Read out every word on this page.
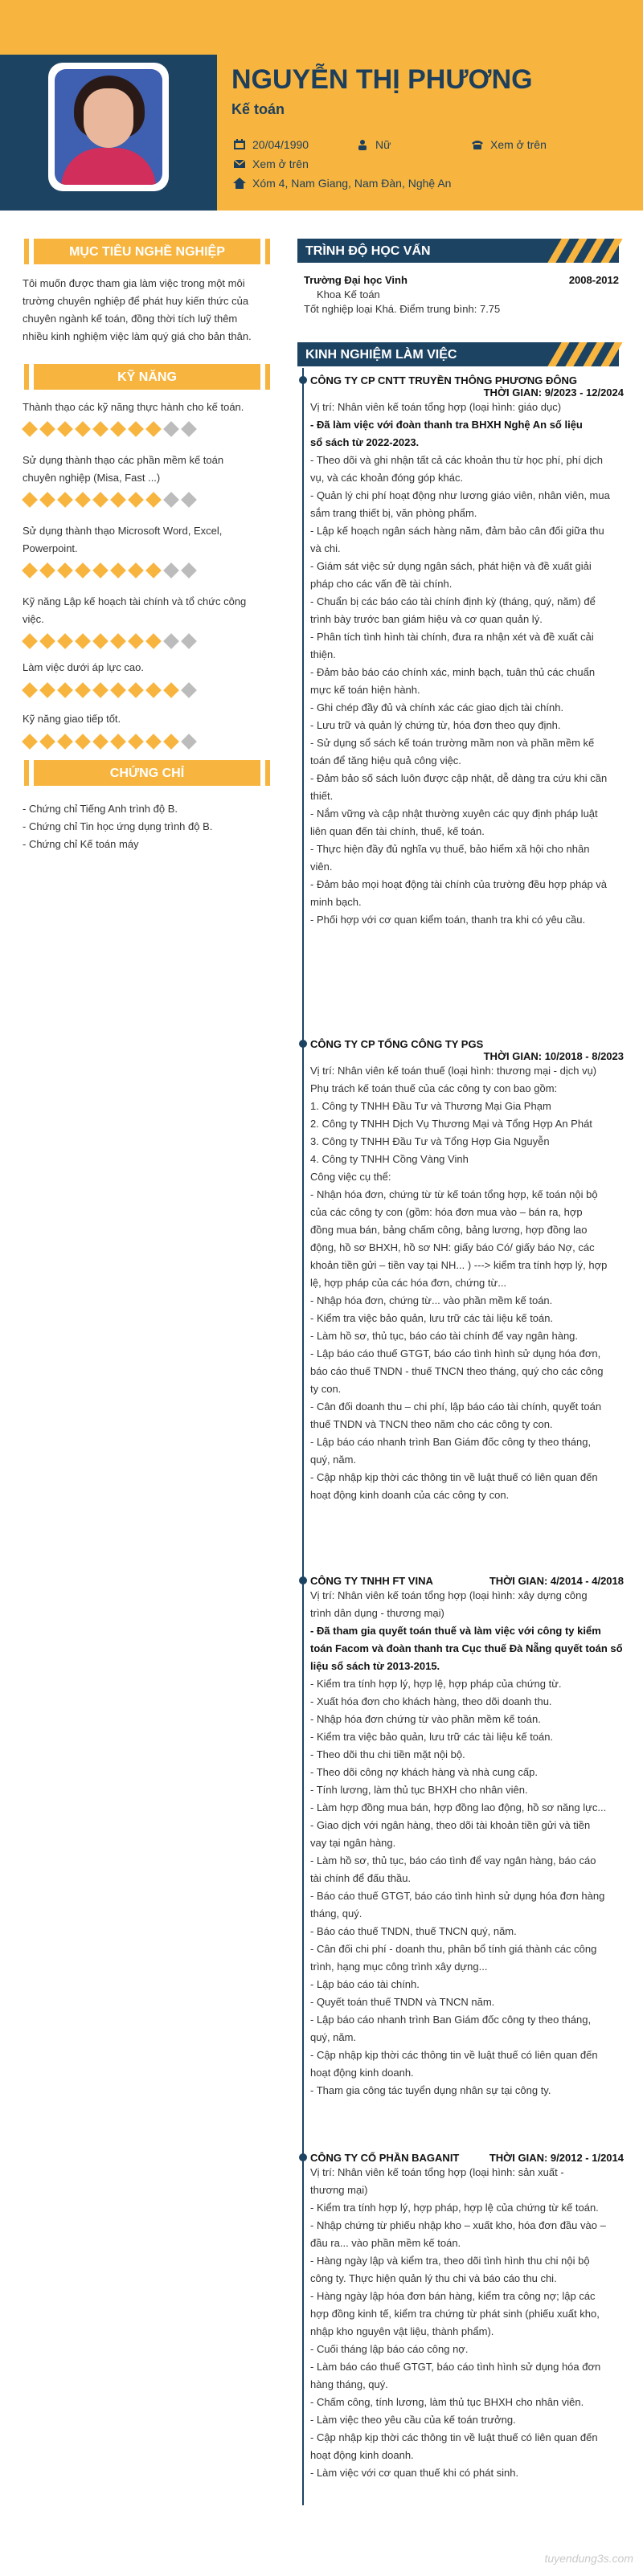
NGUYỄN THỊ PHƯƠNG
Kế toán
20/04/1990	Nữ	Xem ở trên
Xem ở trên
Xóm 4, Nam Giang, Nam Đàn, Nghệ An
MỤC TIÊU NGHỀ NGHIỆP
Tôi muốn được tham gia làm việc trong một môi
trường chuyên nghiệp để phát huy kiến thức của
chuyên ngành kế toán, đồng thời tích luỹ thêm
nhiều kinh nghiệm việc làm quý giá cho bản thân.
KỸ NĂNG
Thành thạo các kỹ năng thực hành cho kế toán.
Sử dụng thành thạo các phần mềm kế toán
chuyên nghiệp (Misa, Fast ...)
Sử dụng thành thạo Microsoft Word, Excel,
Powerpoint.
Kỹ năng Lập kế hoạch tài chính và tổ chức công
việc.
Làm việc dưới áp lực cao.
Kỹ năng giao tiếp tốt.
CHỨNG CHỈ
- Chứng chỉ Tiếng Anh trình độ B.
- Chứng chỉ Tin học ứng dụng trình độ B.
- Chứng chỉ Kế toán máy
TRÌNH ĐỘ HỌC VẤN
Trường Đại học Vinh	2008-2012
Khoa Kế toán
Tốt nghiệp loại Khá. Điểm trung bình: 7.75
KINH NGHIỆM LÀM VIỆC
CÔNG TY CP CNTT TRUYỀN THÔNG PHƯƠNG ĐÔNG
THỜI GIAN: 9/2023 - 12/2024
Vị trí: Nhân viên kế toán tổng hợp (loại hình: giáo dục)
- Đã làm việc với đoàn thanh tra BHXH Nghệ An số liệu
sổ sách từ 2022-2023.
- Theo dõi và ghi nhận tất cả các khoản thu từ học phí, phí dịch
vụ, và các khoản đóng góp khác.
- Quản lý chi phí hoạt động như lương giáo viên, nhân viên, mua
sắm trang thiết bị, văn phòng phẩm.
- Lập kế hoạch ngân sách hàng năm, đảm bảo cân đối giữa thu
và chi.
- Giám sát việc sử dụng ngân sách, phát hiện và đề xuất giải
pháp cho các vấn đề tài chính.
- Chuẩn bị các báo cáo tài chính định kỳ (tháng, quý, năm) để
trình bày trước ban giám hiệu và cơ quan quản lý.
- Phân tích tình hình tài chính, đưa ra nhận xét và đề xuất cải
thiện.
- Đảm bảo báo cáo chính xác, minh bạch, tuân thủ các chuẩn
mực kế toán hiện hành.
- Ghi chép đầy đủ và chính xác các giao dịch tài chính.
- Lưu trữ và quản lý chứng từ, hóa đơn theo quy định.
- Sử dụng sổ sách kế toán trường mầm non và phần mềm kế
toán để tăng hiệu quả công việc.
- Đảm bảo số sách luôn được cập nhật, dễ dàng tra cứu khi cần
thiết.
- Nắm vững và cập nhật thường xuyên các quy định pháp luật
liên quan đến tài chính, thuế, kế toán.
- Thực hiện đầy đủ nghĩa vụ thuế, bảo hiểm xã hội cho nhân
viên.
- Đảm bảo mọi hoạt động tài chính của trường đều hợp pháp và
minh bạch.
- Phối hợp với cơ quan kiểm toán, thanh tra khi có yêu cầu.
CÔNG TY CP TỔNG CÔNG TY PGS
THỜI GIAN: 10/2018 - 8/2023
Vị trí: Nhân viên kế toán thuế (loại hình: thương mại - dịch vụ)
Phụ trách kế toán thuế của các công ty con bao gồm:
1. Công ty TNHH Đầu Tư và Thương Mại Gia Phạm
2. Công ty TNHH Dịch Vụ Thương Mại và Tổng Hợp An Phát
3. Công ty TNHH Đầu Tư và Tổng Hợp Gia Nguyễn
4. Công ty TNHH Cồng Vàng Vinh
Công việc cụ thể:
- Nhận hóa đơn, chứng từ từ kế toán tổng hợp, kế toán nội bộ
của các công ty con (gồm: hóa đơn mua vào – bán ra, hợp
đồng mua bán, bảng chấm công, bảng lương, hợp đồng lao
động, hồ sơ BHXH, hồ sơ NH: giấy báo Có/ giấy báo Nợ, các
khoản tiền gửi – tiền vay tại NH... ) ---> kiểm tra tính hợp lý, hợp
lệ, hợp pháp của các hóa đơn, chứng từ...
- Nhập hóa đơn, chứng từ... vào phần mềm kế toán.
- Kiểm tra việc bảo quản, lưu trữ các tài liệu kế toán.
- Làm hồ sơ, thủ tục, báo cáo tài chính để vay ngân hàng.
- Lập báo cáo thuế GTGT, báo cáo tình hình sử dụng hóa đơn,
báo cáo thuế TNDN - thuế TNCN theo tháng, quý cho các công
ty con.
- Cân đối doanh thu – chi phí, lập báo cáo tài chính, quyết toán
thuế TNDN và TNCN theo năm cho các công ty con.
- Lập báo cáo nhanh trình Ban Giám đốc công ty theo tháng,
quý, năm.
- Cập nhập kịp thời các thông tin về luật thuế có liên quan đến
hoạt động kinh doanh của các công ty con.
CÔNG TY TNHH FT VINA	THỜI GIAN: 4/2014 - 4/2018
Vị trí: Nhân viên kế toán tổng hợp (loại hình: xây dựng công
trình dân dụng - thương mại)
- Đã tham gia quyết toán thuế và làm việc với công ty kiểm
toán Facom và đoàn thanh tra Cục thuế Đà Nẵng quyết toán số
liệu sổ sách từ 2013-2015.
- Kiểm tra tính hợp lý, hợp lệ, hợp pháp của chứng từ.
- Xuất hóa đơn cho khách hàng, theo dõi doanh thu.
- Nhập hóa đơn chứng từ vào phần mềm kế toán.
- Kiểm tra việc bảo quản, lưu trữ các tài liệu kế toán.
- Theo dõi thu chi tiền mặt nội bộ.
- Theo dõi công nợ khách hàng và nhà cung cấp.
- Tính lương, làm thủ tục BHXH cho nhân viên.
- Làm hợp đồng mua bán, hợp đồng lao động, hồ sơ năng lực...
- Giao dịch với ngân hàng, theo dõi tài khoản tiền gửi và tiền
vay tại ngân hàng.
- Làm hồ sơ, thủ tục, báo cáo tình để vay ngân hàng, báo cáo
tài chính để đấu thầu.
- Báo cáo thuế GTGT, báo cáo tình hình sử dụng hóa đơn hàng
tháng, quý.
- Báo cáo thuế TNDN, thuế TNCN quý, năm.
- Cân đối chi phí - doanh thu, phân bổ tính giá thành các công
trình, hạng mục công trình xây dựng...
- Lập báo cáo tài chính.
- Quyết toán thuế TNDN và TNCN năm.
- Lập báo cáo nhanh trình Ban Giám đốc công ty theo tháng,
quý, năm.
- Cập nhập kịp thời các thông tin về luật thuế có liên quan đến
hoạt động kinh doanh.
- Tham gia công tác tuyển dụng nhân sự tại công ty.
CÔNG TY CỔ PHẦN BAGANIT	THỜI GIAN: 9/2012 - 1/2014
Vị trí: Nhân viên kế toán tổng hợp (loại hình: sản xuất -
thương mại)
- Kiểm tra tính hợp lý, hợp pháp, hợp lệ của chứng từ kế toán.
- Nhập chứng từ phiếu nhập kho – xuất kho, hóa đơn đầu vào –
đầu ra... vào phần mềm kế toán.
- Hàng ngày lập và kiểm tra, theo dõi tình hình thu chi nội bộ
công ty. Thực hiện quản lý thu chi và báo cáo thu chi.
- Hàng ngày lập hóa đơn bán hàng, kiểm tra công nợ; lập các
hợp đồng kinh tế, kiểm tra chứng từ phát sinh (phiếu xuất kho,
nhập kho nguyên vật liệu, thành phẩm).
- Cuối tháng lập báo cáo công nợ.
- Làm báo cáo thuế GTGT, báo cáo tình hình sử dụng hóa đơn
hàng tháng, quý.
- Chấm công, tính lương, làm thủ tục BHXH cho nhân viên.
- Làm việc theo yêu cầu của kế toán trưởng.
- Cập nhập kịp thời các thông tin về luật thuế có liên quan đến
hoạt động kinh doanh.
- Làm việc với cơ quan thuế khi có phát sinh.
tuyendung3s.com
